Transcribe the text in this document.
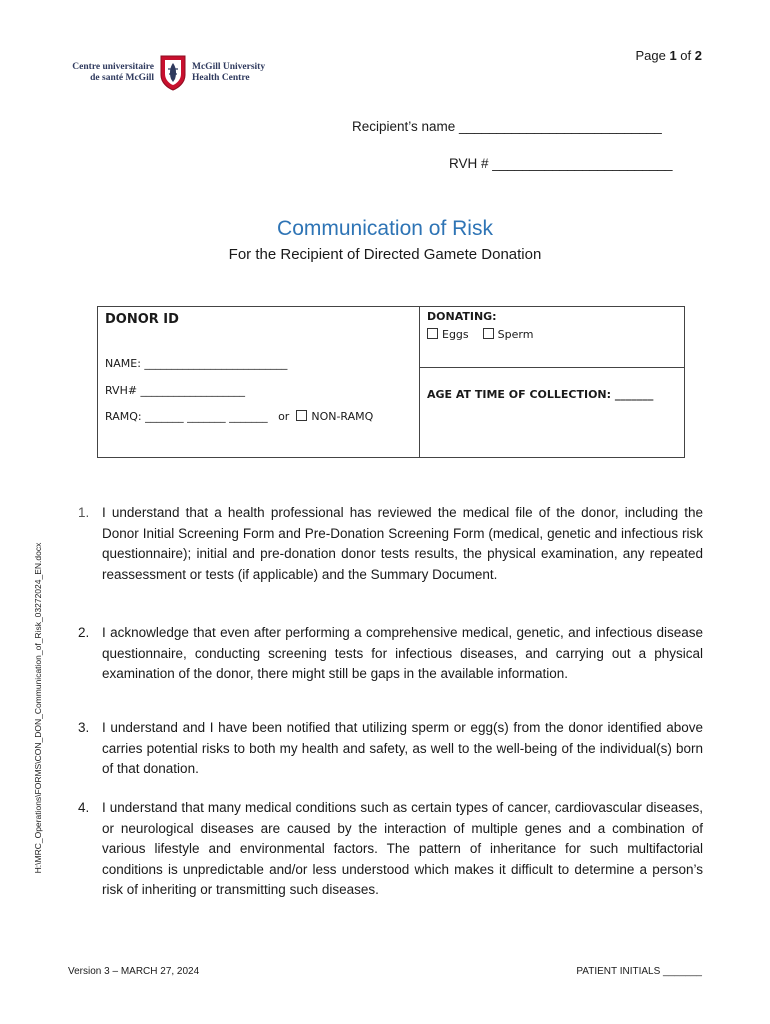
Centre universitaire
de santé McGill
McGill University
Health Centre
Page 1 of 2
Recipient’s name ___________________________
RVH # ________________________
Communication of Risk
For the Recipient of Directed Gamete Donation
DONOR ID	DONATING:
Eggs	Sperm
NAME: __________________________
RVH# ___________________
RAMQ: _______ _______ _______ or NON-RAMQ
AGE AT TIME OF COLLECTION: _______
1. I understand that a health professional has reviewed the medical file of the donor, including the Donor Initial Screening Form and Pre-Donation Screening Form (medical, genetic and infectious risk questionnaire); initial and pre-donation donor tests results, the physical examination, any repeated reassessment or tests (if applicable) and the Summary Document.
2. I acknowledge that even after performing a comprehensive medical, genetic, and infectious disease questionnaire, conducting screening tests for infectious diseases, and carrying out a physical examination of the donor, there might still be gaps in the available information.
3. I understand and I have been notified that utilizing sperm or egg(s) from the donor identified above carries potential risks to both my health and safety, as well to the well-being of the individual(s) born of that donation.
4. I understand that many medical conditions such as certain types of cancer, cardiovascular diseases, or neurological diseases are caused by the interaction of multiple genes and a combination of various lifestyle and environmental factors. The pattern of inheritance for such multifactorial conditions is unpredictable and/or less understood which makes it difficult to determine a person’s risk of inheriting or transmitting such diseases.
H:\MRC_Operations\FORMS\CON_DON_Communication_of_Risk_03272024_EN.docx
Version 3 – MARCH 27, 2024	PATIENT INITIALS _______
